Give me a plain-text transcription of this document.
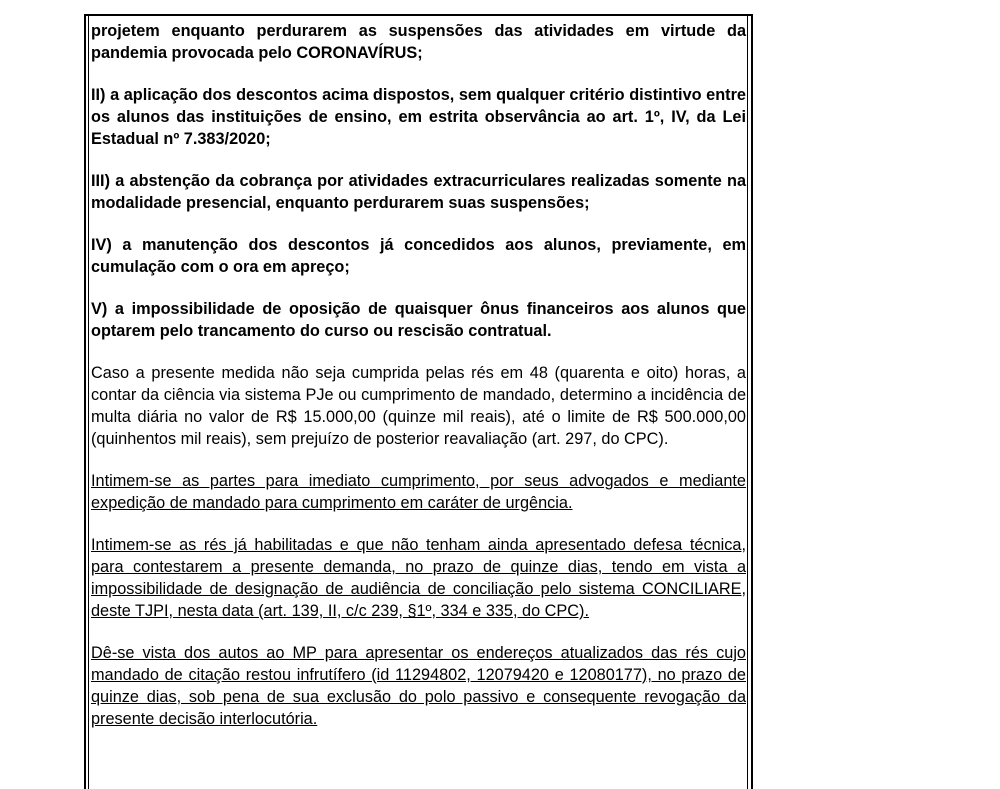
projetem enquanto perdurarem as suspensões das atividades em virtude da pandemia provocada pelo CORONAVÍRUS;

II) a aplicação dos descontos acima dispostos, sem qualquer critério distintivo entre os alunos das instituições de ensino, em estrita observância ao art. 1º, IV, da Lei Estadual nº 7.383/2020;

III) a abstenção da cobrança por atividades extracurriculares realizadas somente na modalidade presencial, enquanto perdurarem suas suspensões;

IV) a manutenção dos descontos já concedidos aos alunos, previamente, em cumulação com o ora em apreço;

V) a impossibilidade de oposição de quaisquer ônus financeiros aos alunos que optarem pelo trancamento do curso ou rescisão contratual.

Caso a presente medida não seja cumprida pelas rés em 48 (quarenta e oito) horas, a contar da ciência via sistema PJe ou cumprimento de mandado, determino a incidência de multa diária no valor de R$ 15.000,00 (quinze mil reais), até o limite de R$ 500.000,00 (quinhentos mil reais), sem prejuízo de posterior reavaliação (art. 297, do CPC).

Intimem-se as partes para imediato cumprimento, por seus advogados e mediante expedição de mandado para cumprimento em caráter de urgência.

Intimem-se as rés já habilitadas e que não tenham ainda apresentado defesa técnica, para contestarem a presente demanda, no prazo de quinze dias, tendo em vista a impossibilidade de designação de audiência de conciliação pelo sistema CONCILIARE, deste TJPI, nesta data (art. 139, II, c/c 239, §1º, 334 e 335, do CPC).

Dê-se vista dos autos ao MP para apresentar os endereços atualizados das rés cujo mandado de citação restou infrutífero (id 11294802, 12079420 e 12080177), no prazo de quinze dias, sob pena de sua exclusão do polo passivo e consequente revogação da presente decisão interlocutória.
